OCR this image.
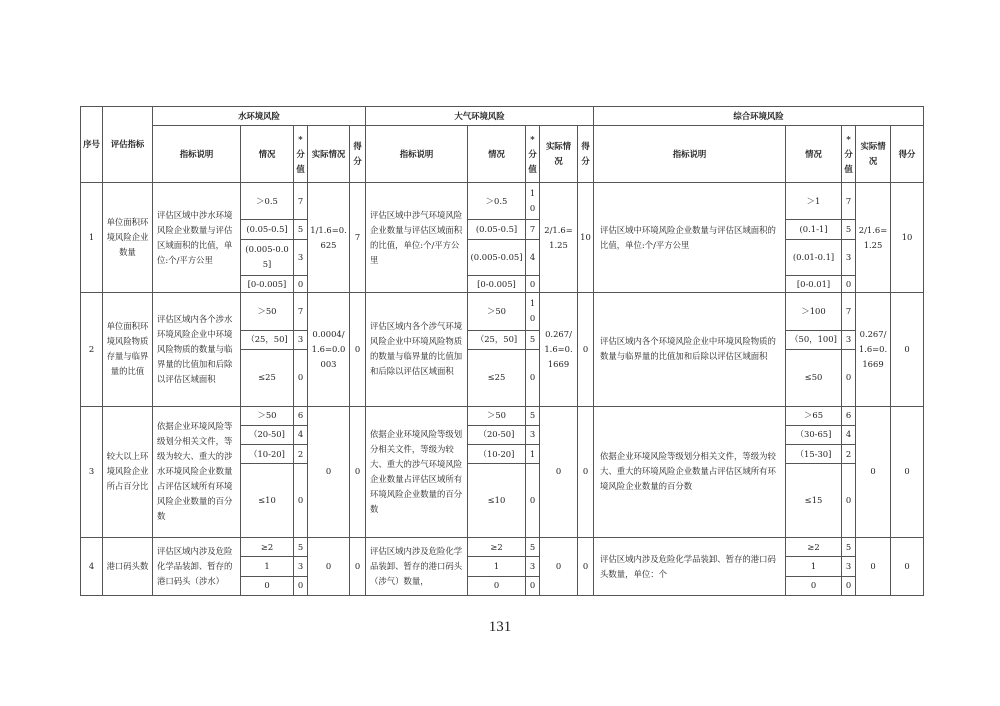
序号	评估指标	水环境风险					大气环境风险					综合环境风险				
		指标说明	情况	*分值	实际情况	得分	指标说明	情况	*分值	实际情况	得分	指标说明	情况	*分值	实际情况	得分
1	单位面积环境风险企业数量	评估区域中涉水环境风险企业数量与评估区域面积的比值，单位:个/平方公里	＞0.5	7	1/1.6=0.625	7	评估区域中涉气环境风险企业数量与评估区域面积的比值，单位:个/平方公里	＞0.5	10	2/1.6=1.25	10	评估区域中环境风险企业数量与评估区域面积的比值，单位:个/平方公里	＞1	7	2/1.6=1.25	10
			(0.05-0.5]	5				(0.05-0.5]	7				(0.1-1]	5		
			(0.005-0.05]	3				(0.005-0.05]	4				(0.01-0.1]	3		
			[0-0.005]	0				[0-0.005]	0				[0-0.01]	0		
2	单位面积环境风险物质存量与临界量的比值	评估区域内各个涉水环境风险企业中环境风险物质的数量与临界量的比值加和后除以评估区域面积	＞50	7	0.0004/1.6=0.0003	0	评估区域内各个涉气环境风险企业中环境风险物质的数量与临界量的比值加和后除以评估区域面积	＞50	10	0.267/1.6=0.1669	0	评估区域内各个环境风险企业中环境风险物质的数量与临界量的比值加和后除以评估区域面积	＞100	7	0.267/1.6=0.1669	0
			（25，50]	3				（25，50]	5				（50，100]	3		
			≤25	0				≤25	0				≤50	0		
3	较大以上环境风险企业所占百分比	依据企业环境风险等级划分相关文件，等级为较大、重大的涉水环境风险企业数量占评估区域所有环境风险企业数量的百分数	＞50	6	0	0	依据企业环境风险等级划分相关文件，等级为较大、重大的涉气环境风险企业数量占评估区域所有环境风险企业数量的百分数	＞50	5	0	0	依据企业环境风险等级划分相关文件，等级为较大、重大的环境风险企业数量占评估区域所有环境风险企业数量的百分数	＞65	6	0	0
			（20-50]	4				（20-50]	3				（30-65]	4		
			（10-20]	2				（10-20]	1				（15-30]	2		
			≤10	0				≤10	0				≤15	0		
4	港口码头数	评估区域内涉及危险化学品装卸、暂存的港口码头（涉水）	≥2	5	0	0	评估区域内涉及危险化学品装卸、暂存的港口码头（涉气）数量，	≥2	5	0	0	评估区域内涉及危险化学品装卸、暂存的港口码头数量，单位：个	≥2	5	0	0
			1	3				1	3				1	3		
			0	0				0	0				0	0		
131
